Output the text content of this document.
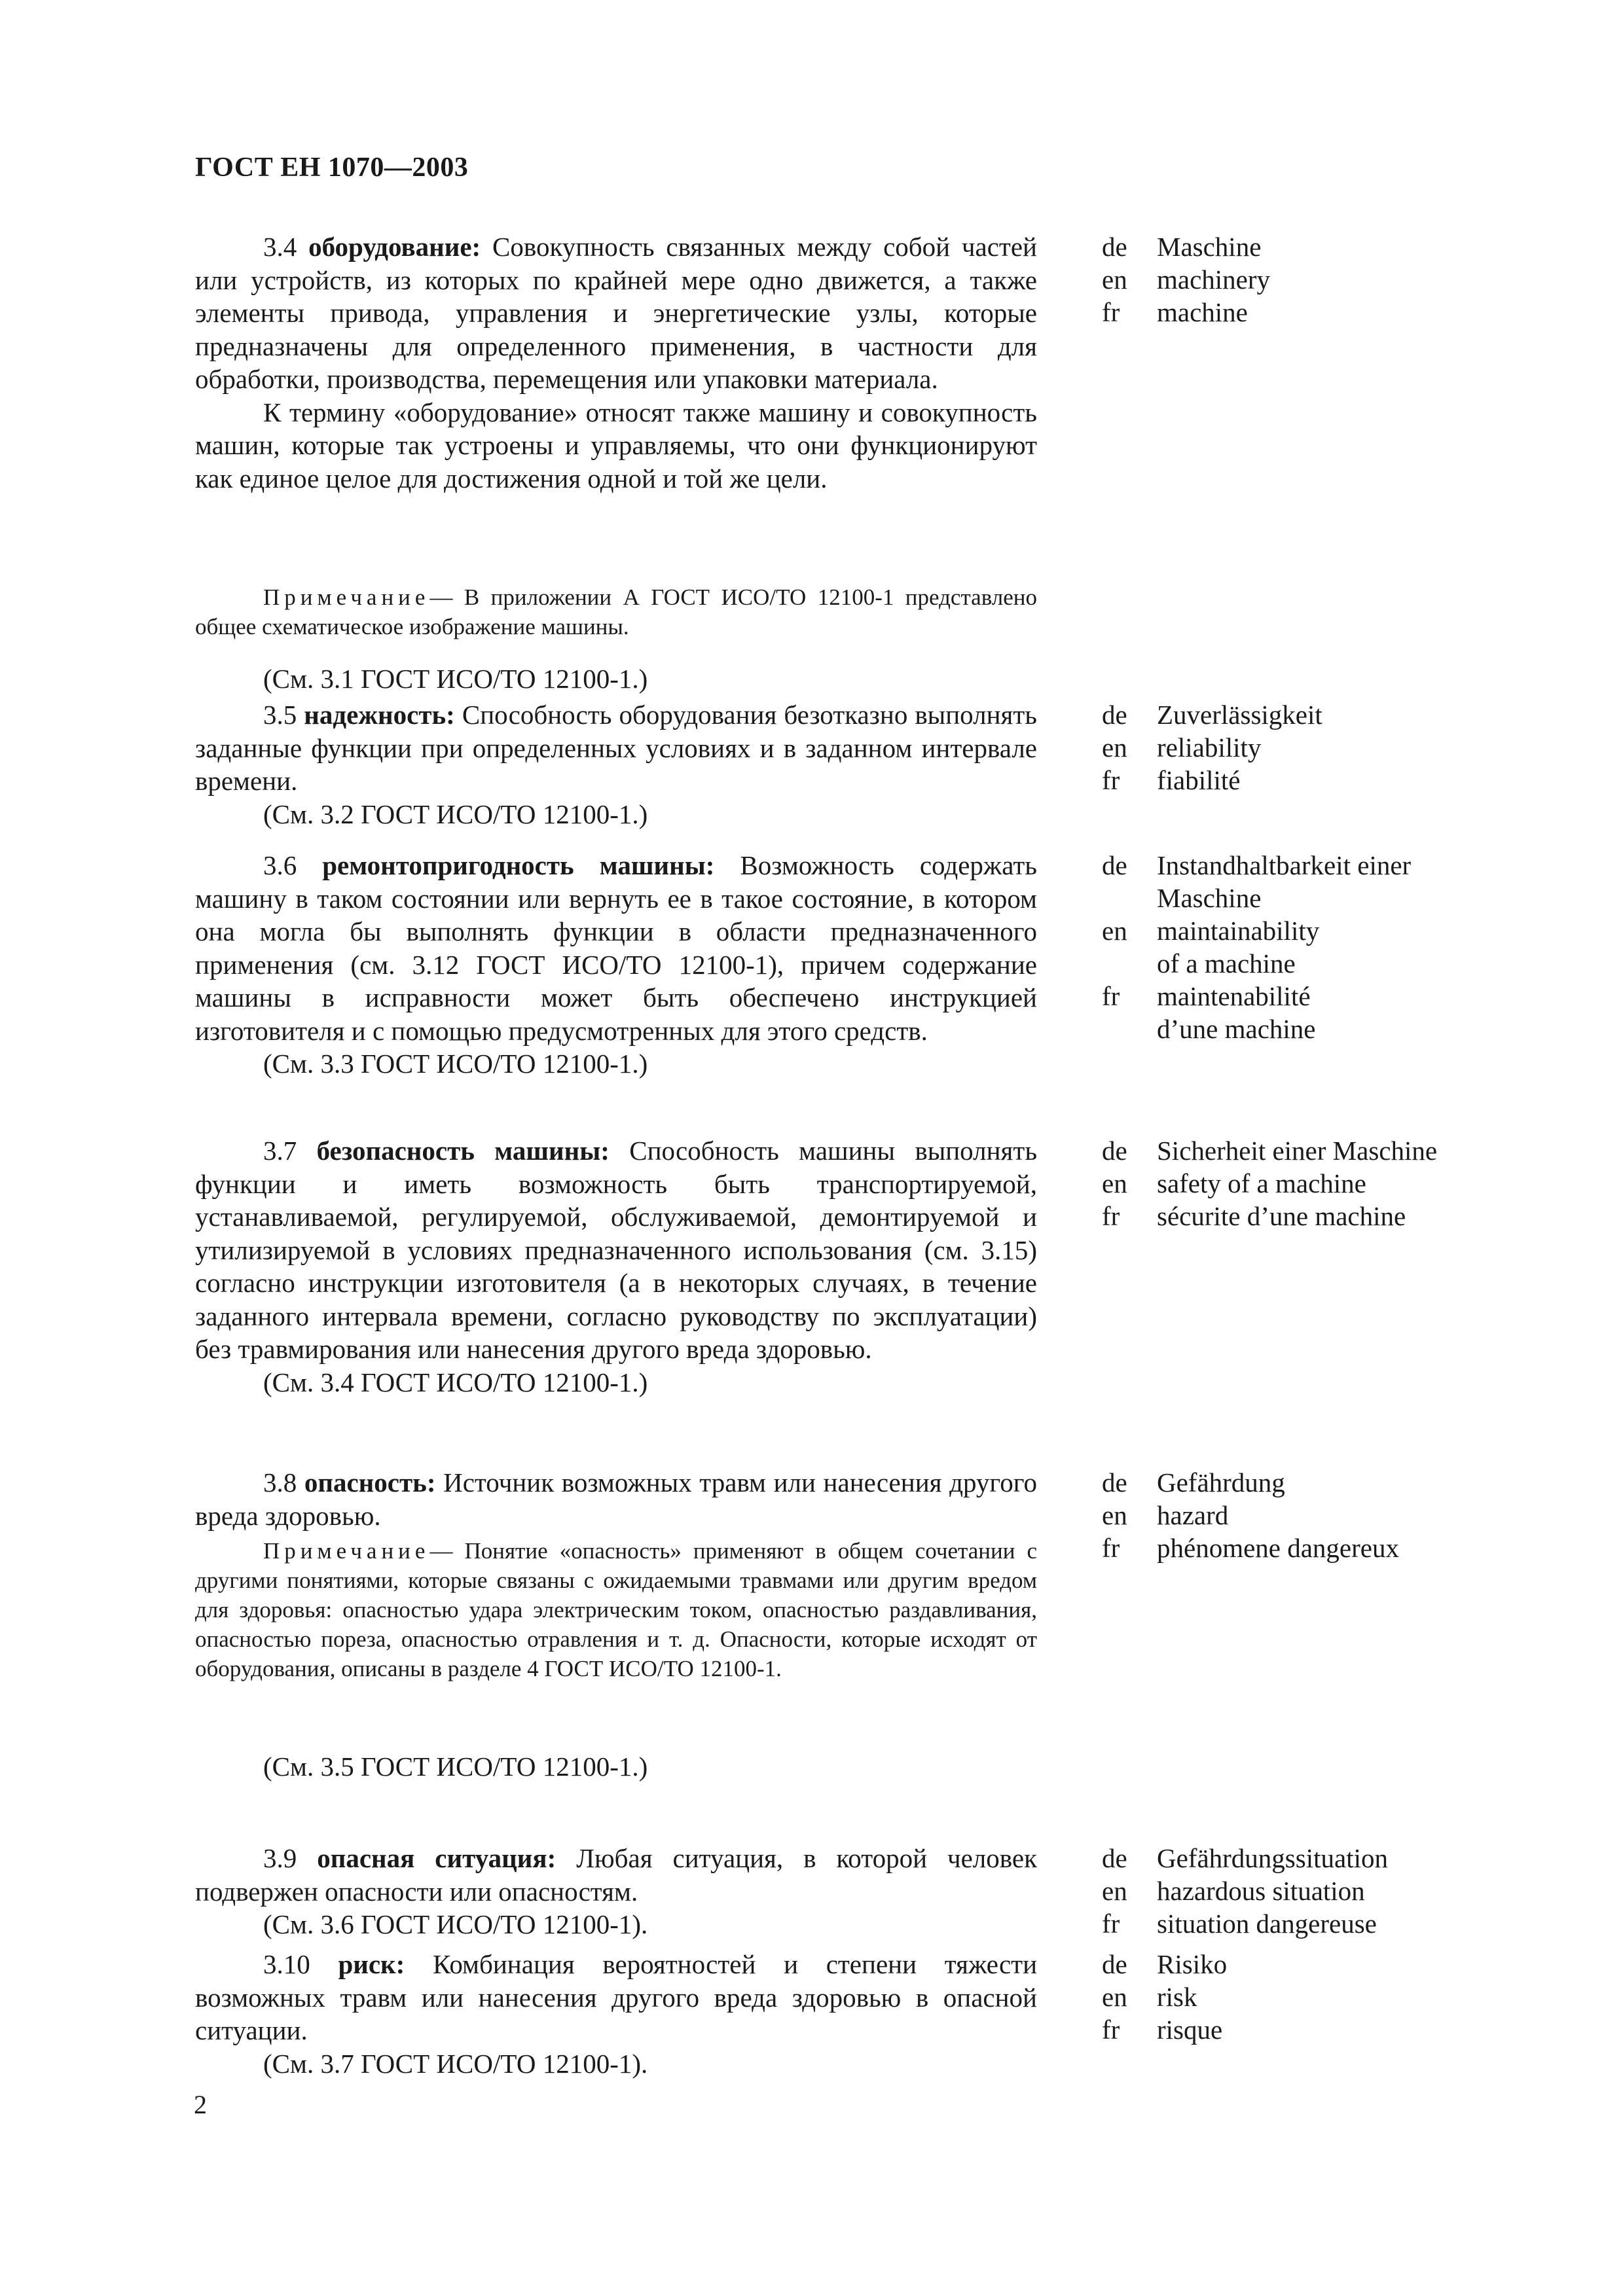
ГОСТ ЕН 1070—2003

3.4 оборудование: Совокупность связанных между собой частей или устройств, из которых по крайней мере одно движется, а также элементы привода, управления и энергетические узлы, которые предназначены для определенного применения, в частности для обработки, производства, перемещения или упаковки материала.

К термину «оборудование» относят также машину и совокупность машин, которые так устроены и управляемы, что они функционируют как единое целое для достижения одной и той же цели.

Примечание— В приложении А ГОСТ ИСО/ТО 12100-1 представлено общее схематическое изображение машины.

(См. 3.1 ГОСТ ИСО/ТО 12100-1.)

de	Maschine
en	machinery
fr	machine

3.5 надежность: Способность оборудования безотказно выполнять заданные функции при определенных условиях и в заданном интервале времени.

(См. 3.2 ГОСТ ИСО/ТО 12100-1.)

de	Zuverlässigkeit
en	reliability
fr	fiabilité

3.6 ремонтопригодность машины: Возможность содержать машину в таком состоянии или вернуть ее в такое состояние, в котором она могла бы выполнять функции в области предназначенного применения (см. 3.12 ГОСТ ИСО/ТО 12100-1), причем содержание машины в исправности может быть обеспечено инструкцией изготовителя и с помощью предусмотренных для этого средств.

(См. 3.3 ГОСТ ИСО/ТО 12100-1.)

de	Instandhaltbarkeit einer
Maschine
en	maintainability
of a machine
fr	maintenabilité
d’une machine

3.7 безопасность машины: Способность машины выполнять функции и иметь возможность быть транспортируемой, устанавливаемой, регулируемой, обслуживаемой, демонтируемой и утилизируемой в условиях предназначенного использования (см. 3.15) согласно инструкции изготовителя (а в некоторых случаях, в течение заданного интервала времени, согласно руководству по эксплуатации) без травмирования или нанесения другого вреда здоровью.

(См. 3.4 ГОСТ ИСО/ТО 12100-1.)

de	Sicherheit einer Maschine
en	safety of a machine
fr	sécurite d’une machine

3.8 опасность: Источник возможных травм или нанесения другого вреда здоровью.

Примечание— Понятие «опасность» применяют в общем сочетании с другими понятиями, которые связаны с ожидаемыми травмами или другим вредом для здоровья: опасностью удара электрическим током, опасностью раздавливания, опасностью пореза, опасностью отравления и т. д. Опасности, которые исходят от оборудования, описаны в разделе 4 ГОСТ ИСО/ТО 12100-1.

(См. 3.5 ГОСТ ИСО/ТО 12100-1.)

de	Gefährdung
en	hazard
fr	phénomene dangereux

3.9 опасная ситуация: Любая ситуация, в которой человек подвержен опасности или опасностям.

(См. 3.6 ГОСТ ИСО/ТО 12100-1).

de	Gefährdungssituation
en	hazardous situation
fr	situation dangereuse

3.10 риск: Комбинация вероятностей и степени тяжести возможных травм или нанесения другого вреда здоровью в опасной ситуации.

(См. 3.7 ГОСТ ИСО/ТО 12100-1).

de	Risiko
en	risk
fr	risque
2
